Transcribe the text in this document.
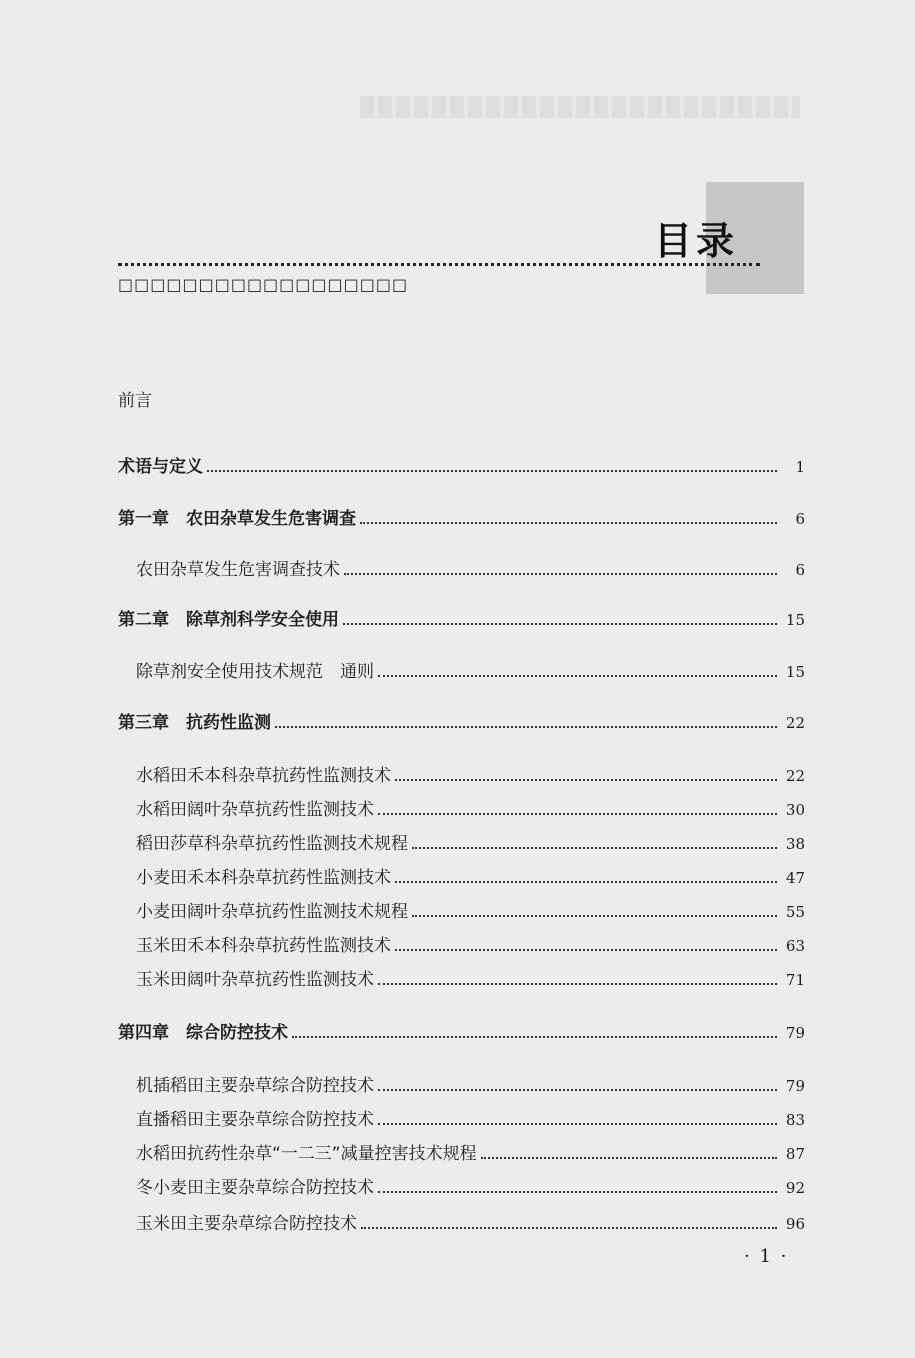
目录
□□□□□□□□□□□□□□□□□□
前言
术语与定义	1
第一章　农田杂草发生危害调查	6
农田杂草发生危害调查技术	6
第二章　除草剂科学安全使用	15
除草剂安全使用技术规范　通则	15
第三章　抗药性监测	22
水稻田禾本科杂草抗药性监测技术	22
水稻田阔叶杂草抗药性监测技术	30
稻田莎草科杂草抗药性监测技术规程	38
小麦田禾本科杂草抗药性监测技术	47
小麦田阔叶杂草抗药性监测技术规程	55
玉米田禾本科杂草抗药性监测技术	63
玉米田阔叶杂草抗药性监测技术	71
第四章　综合防控技术	79
机插稻田主要杂草综合防控技术	79
直播稻田主要杂草综合防控技术	83
水稻田抗药性杂草“一二三”减量控害技术规程	87
冬小麦田主要杂草综合防控技术	92
玉米田主要杂草综合防控技术	96
· 1 ·
